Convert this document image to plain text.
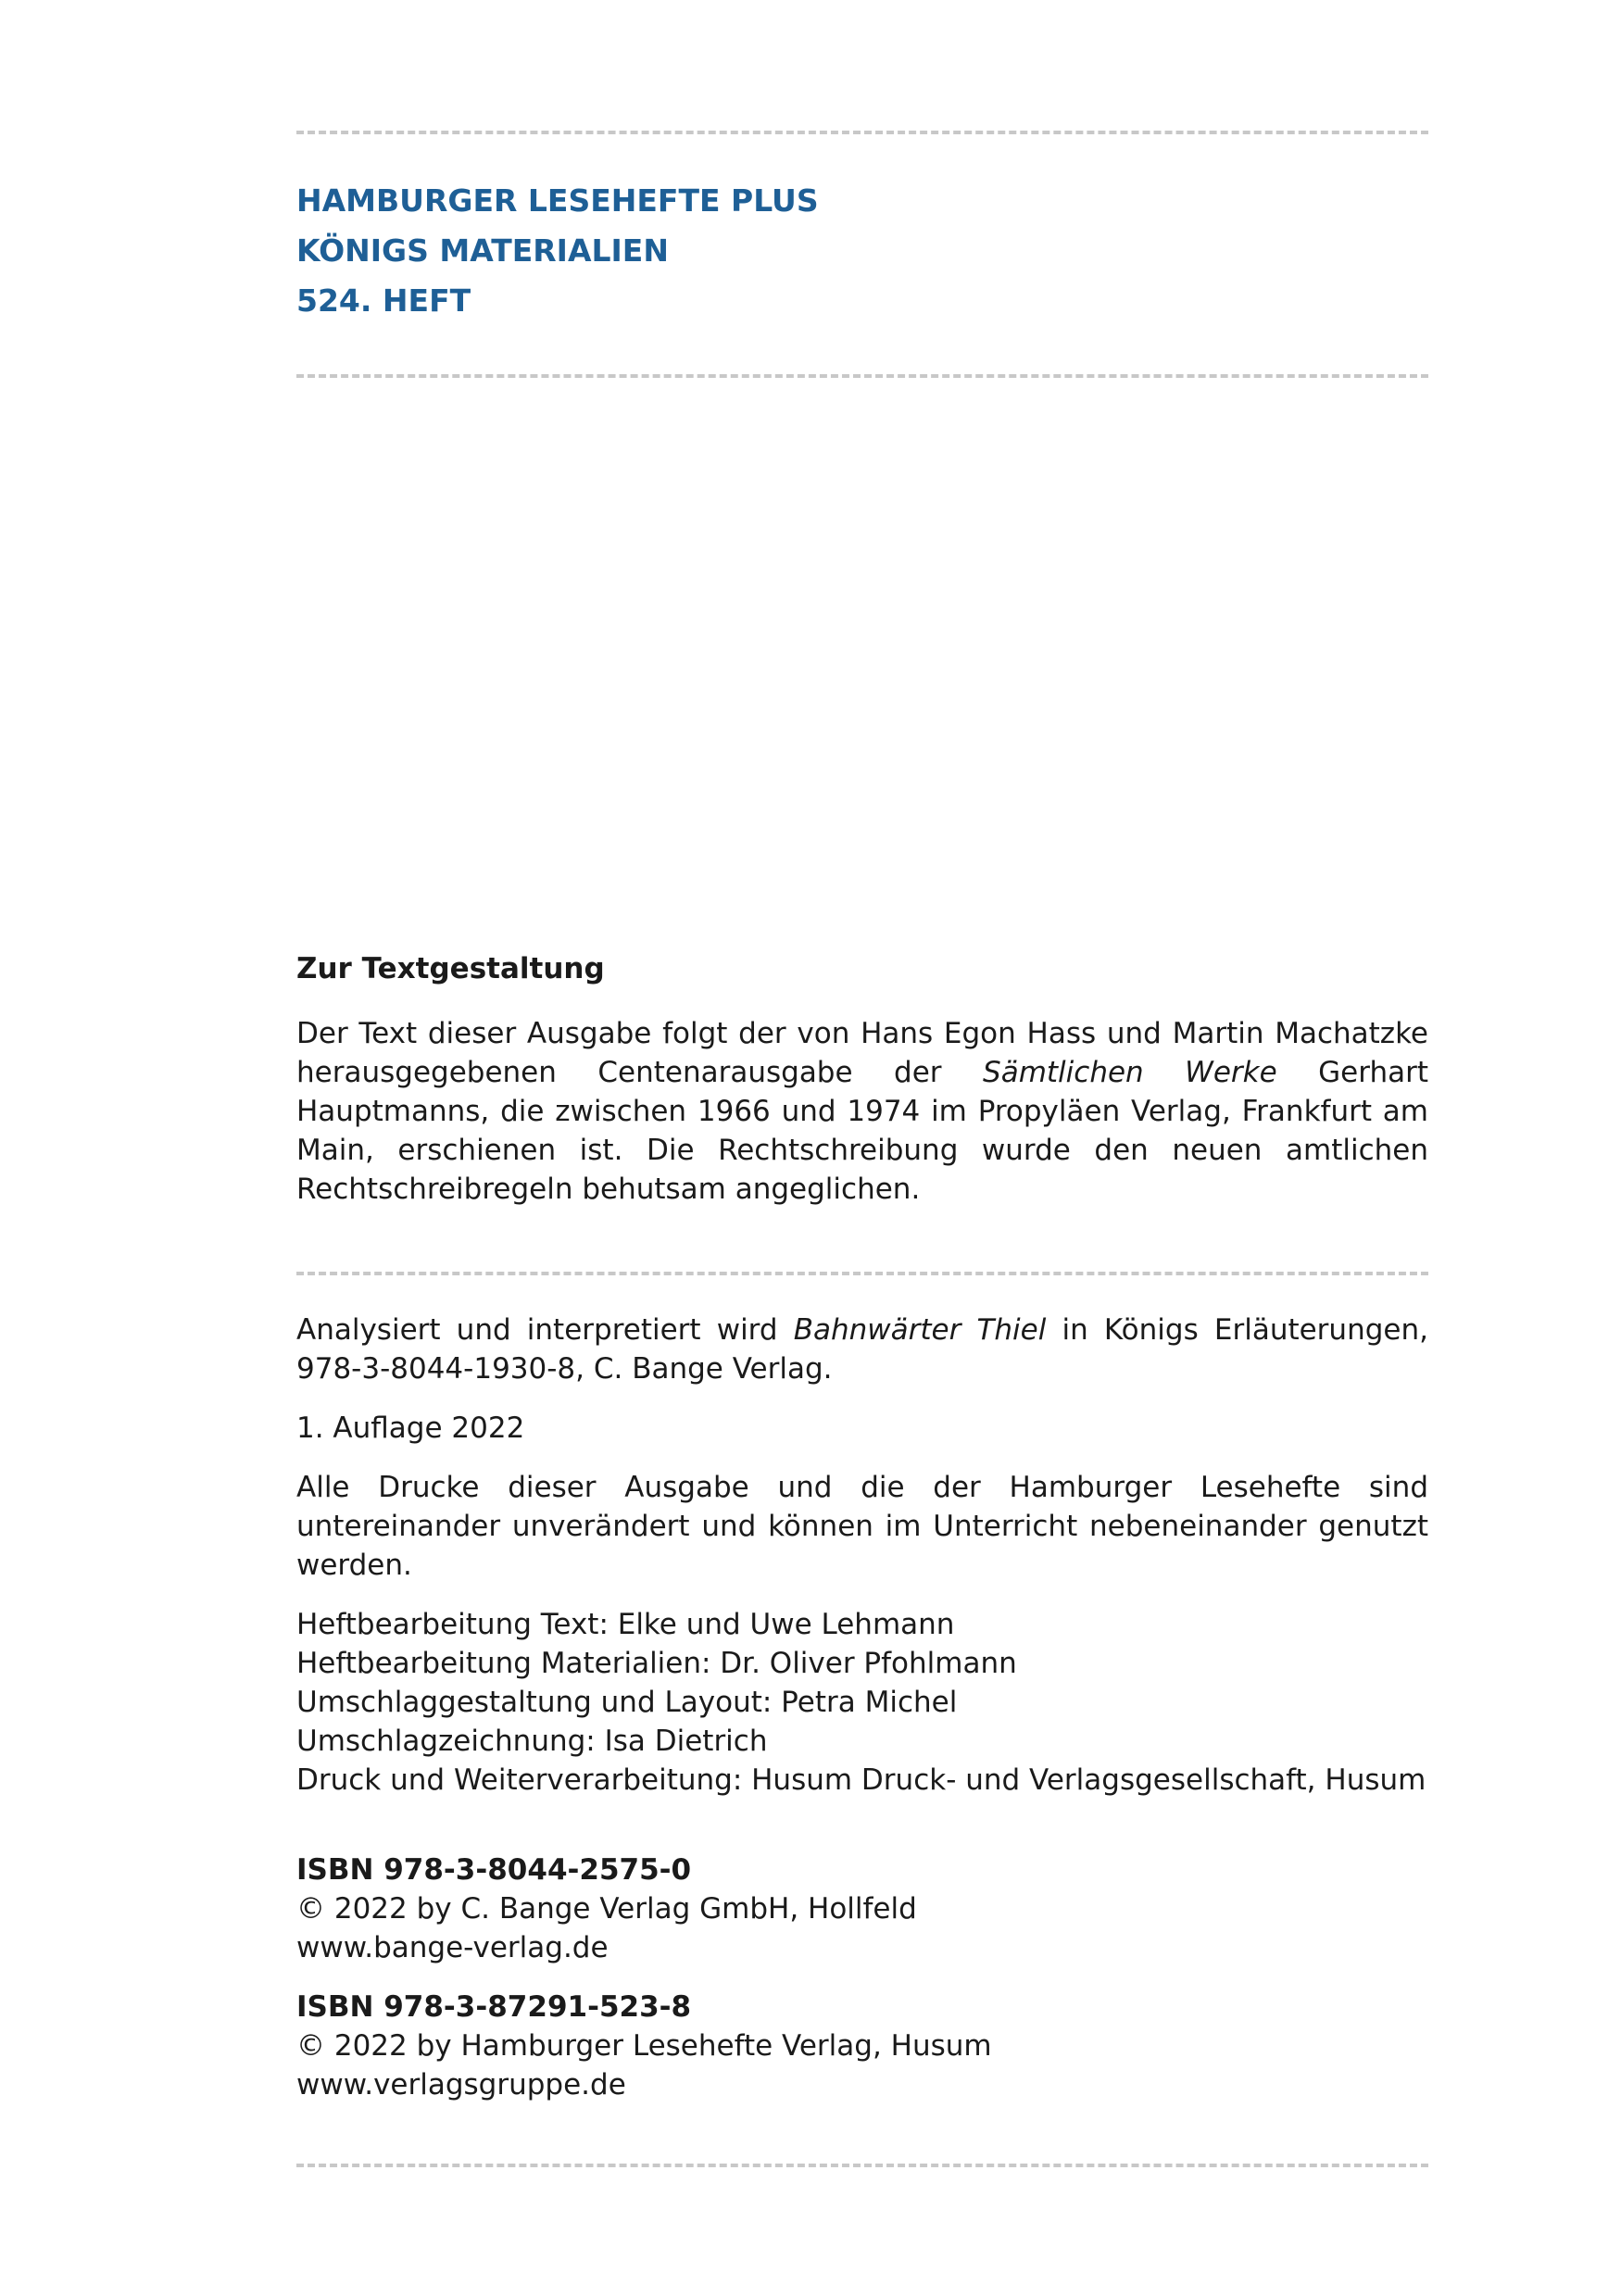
HAMBURGER LESEHEFTE PLUS
KÖNIGS MATERIALIEN
524. HEFT
Zur Textgestaltung

Der Text dieser Ausgabe folgt der von Hans Egon Hass und Martin Machatzke herausgegebenen Centenarausgabe der Sämtlichen Werke Gerhart Hauptmanns, die zwischen 1966 und 1974 im Propyläen Verlag, Frankfurt am Main, erschienen ist. Die Rechtschreibung wurde den neuen amtlichen Rechtschreibregeln behutsam angeglichen.

Analysiert und interpretiert wird Bahnwärter Thiel in Königs Erläuterungen, 978-3-8044-1930-8, C. Bange Verlag.

1. Auflage 2022

Alle Drucke dieser Ausgabe und die der Hamburger Lesehefte sind untereinander unverändert und können im Unterricht nebeneinander genutzt werden.

Heftbearbeitung Text: Elke und Uwe Lehmann
Heftbearbeitung Materialien: Dr. Oliver Pfohlmann
Umschlaggestaltung und Layout: Petra Michel
Umschlagzeichnung: Isa Dietrich
Druck und Weiterverarbeitung: Husum Druck- und Verlagsgesellschaft, Husum
ISBN 978-3-8044-2575-0
© 2022 by C. Bange Verlag GmbH, Hollfeld
www.bange-verlag.de
ISBN 978-3-87291-523-8
© 2022 by Hamburger Lesehefte Verlag, Husum
www.verlagsgruppe.de
